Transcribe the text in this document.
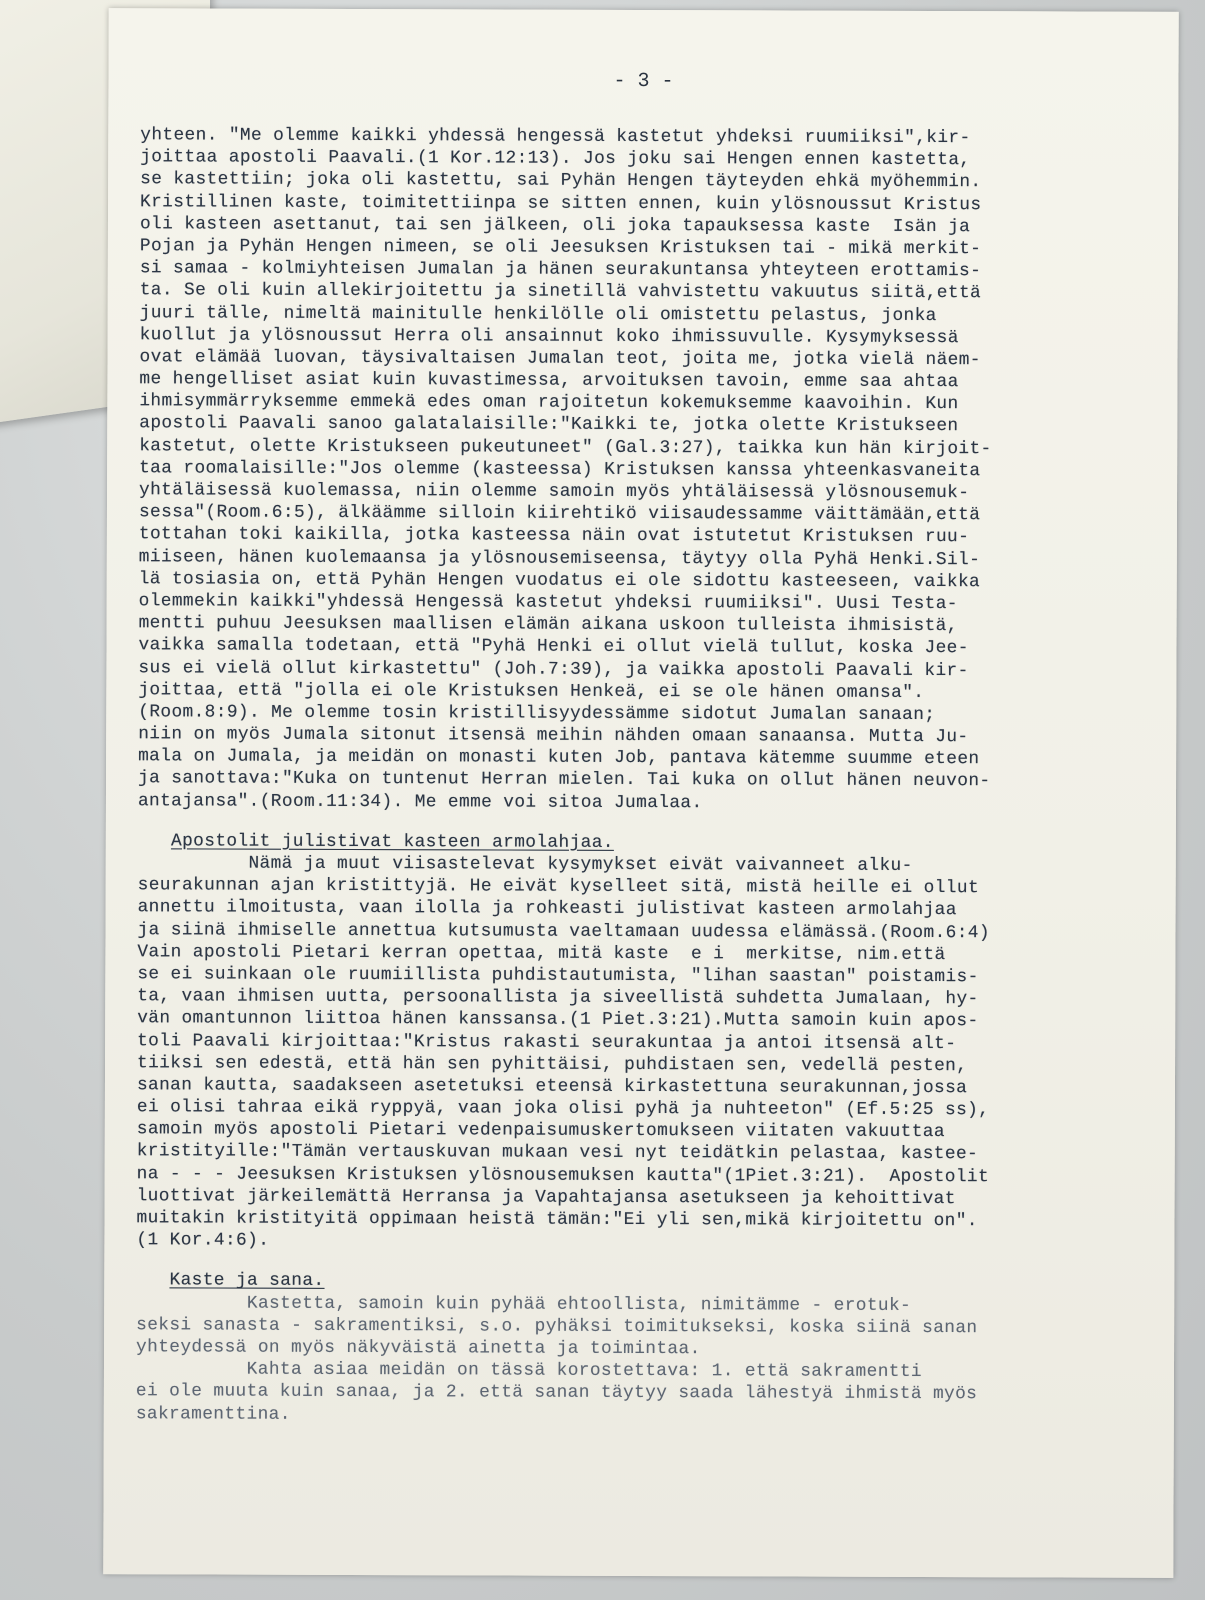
- 3 -
yhteen. "Me olemme kaikki yhdessä hengessä kastetut yhdeksi ruumiiksi",kir-
joittaa apostoli Paavali.(1 Kor.12:13). Jos joku sai Hengen ennen kastetta,
se kastettiin; joka oli kastettu, sai Pyhän Hengen täyteyden ehkä myöhemmin.
Kristillinen kaste, toimitettiinpa se sitten ennen, kuin ylösnoussut Kristus
oli kasteen asettanut, tai sen jälkeen, oli joka tapauksessa kaste  Isän ja
Pojan ja Pyhän Hengen nimeen, se oli Jeesuksen Kristuksen tai - mikä merkit-
si samaa - kolmiyhteisen Jumalan ja hänen seurakuntansa yhteyteen erottamis-
ta. Se oli kuin allekirjoitettu ja sinetillä vahvistettu vakuutus siitä,että
juuri tälle, nimeltä mainitulle henkilölle oli omistettu pelastus, jonka
kuollut ja ylösnoussut Herra oli ansainnut koko ihmissuvulle. Kysymyksessä
ovat elämää luovan, täysivaltaisen Jumalan teot, joita me, jotka vielä näem-
me hengelliset asiat kuin kuvastimessa, arvoituksen tavoin, emme saa ahtaa
ihmisymmärryksemme emmekä edes oman rajoitetun kokemuksemme kaavoihin. Kun
apostoli Paavali sanoo galatalaisille:"Kaikki te, jotka olette Kristukseen
kastetut, olette Kristukseen pukeutuneet" (Gal.3:27), taikka kun hän kirjoit-
taa roomalaisille:"Jos olemme (kasteessa) Kristuksen kanssa yhteenkasvaneita
yhtäläisessä kuolemassa, niin olemme samoin myös yhtäläisessä ylösnousemuk-
sessa"(Room.6:5), älkäämme silloin kiirehtikö viisaudessamme väittämään,että
tottahan toki kaikilla, jotka kasteessa näin ovat istutetut Kristuksen ruu-
miiseen, hänen kuolemaansa ja ylösnousemiseensa, täytyy olla Pyhä Henki.Sil-
lä tosiasia on, että Pyhän Hengen vuodatus ei ole sidottu kasteeseen, vaikka
olemmekin kaikki"yhdessä Hengessä kastetut yhdeksi ruumiiksi". Uusi Testa-
mentti puhuu Jeesuksen maallisen elämän aikana uskoon tulleista ihmisistä,
vaikka samalla todetaan, että "Pyhä Henki ei ollut vielä tullut, koska Jee-
sus ei vielä ollut kirkastettu" (Joh.7:39), ja vaikka apostoli Paavali kir-
joittaa, että "jolla ei ole Kristuksen Henkeä, ei se ole hänen omansa".
(Room.8:9). Me olemme tosin kristillisyydessämme sidotut Jumalan sanaan;
niin on myös Jumala sitonut itsensä meihin nähden omaan sanaansa. Mutta Ju-
mala on Jumala, ja meidän on monasti kuten Job, pantava kätemme suumme eteen
ja sanottava:"Kuka on tuntenut Herran mielen. Tai kuka on ollut hänen neuvon-
antajansa".(Room.11:34). Me emme voi sitoa Jumalaa.
Apostolit julistivat kasteen armolahjaa.
Nämä ja muut viisastelevat kysymykset eivät vaivanneet alku-
seurakunnan ajan kristittyjä. He eivät kyselleet sitä, mistä heille ei ollut
annettu ilmoitusta, vaan ilolla ja rohkeasti julistivat kasteen armolahjaa
ja siinä ihmiselle annettua kutsumusta vaeltamaan uudessa elämässä.(Room.6:4)
Vain apostoli Pietari kerran opettaa, mitä kaste  e i  merkitse, nim.että
se ei suinkaan ole ruumiillista puhdistautumista, "lihan saastan" poistamis-
ta, vaan ihmisen uutta, persoonallista ja siveellistä suhdetta Jumalaan, hy-
vän omantunnon liittoa hänen kanssansa.(1 Piet.3:21).Mutta samoin kuin apos-
toli Paavali kirjoittaa:"Kristus rakasti seurakuntaa ja antoi itsensä alt-
tiiksi sen edestä, että hän sen pyhittäisi, puhdistaen sen, vedellä pesten,
sanan kautta, saadakseen asetetuksi eteensä kirkastettuna seurakunnan,jossa
ei olisi tahraa eikä ryppyä, vaan joka olisi pyhä ja nuhteeton" (Ef.5:25 ss),
samoin myös apostoli Pietari vedenpaisumuskertomukseen viitaten vakuuttaa
kristityille:"Tämän vertauskuvan mukaan vesi nyt teidätkin pelastaa, kastee-
na - - - Jeesuksen Kristuksen ylösnousemuksen kautta"(1Piet.3:21).  Apostolit
luottivat järkeilemättä Herransa ja Vapahtajansa asetukseen ja kehoittivat
muitakin kristityitä oppimaan heistä tämän:"Ei yli sen,mikä kirjoitettu on".
(1 Kor.4:6).
Kaste ja sana.
Kastetta, samoin kuin pyhää ehtoollista, nimitämme - erotuk-
seksi sanasta - sakramentiksi, s.o. pyhäksi toimitukseksi, koska siinä sanan
yhteydessä on myös näkyväistä ainetta ja toimintaa.
Kahta asiaa meidän on tässä korostettava: 1. että sakramentti
ei ole muuta kuin sanaa, ja 2. että sanan täytyy saada lähestyä ihmistä myös
sakramenttina.
